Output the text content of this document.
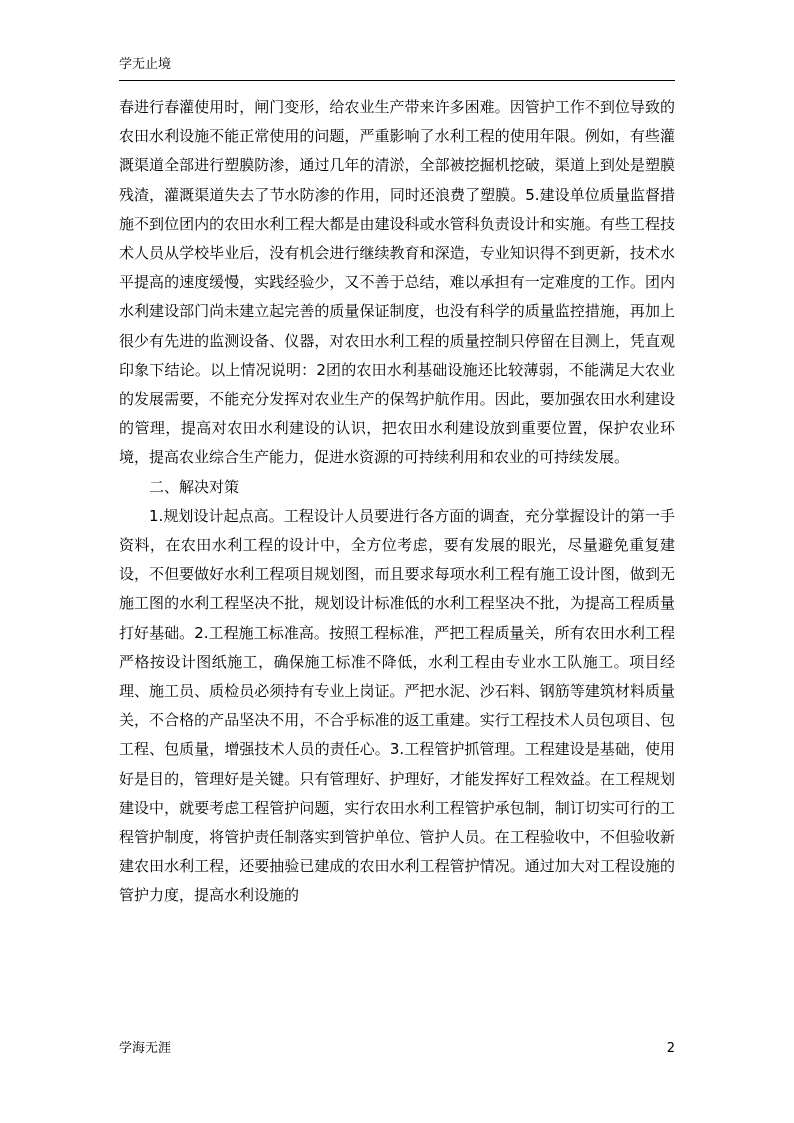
学无止境

春进行春灌使用时，闸门变形，给农业生产带来许多困难。因管护工作不到位导致的农田水利设施不能正常使用的问题，严重影响了水利工程的使用年限。例如，有些灌溉渠道全部进行塑膜防渗，通过几年的清淤，全部被挖掘机挖破，渠道上到处是塑膜残渣，灌溉渠道失去了节水防渗的作用，同时还浪费了塑膜。5.建设单位质量监督措施不到位团内的农田水利工程大都是由建设科或水管科负责设计和实施。有些工程技术人员从学校毕业后，没有机会进行继续教育和深造，专业知识得不到更新，技术水平提高的速度缓慢，实践经验少，又不善于总结，难以承担有一定难度的工作。团内水利建设部门尚未建立起完善的质量保证制度，也没有科学的质量监控措施，再加上很少有先进的监测设备、仪器，对农田水利工程的质量控制只停留在目测上，凭直观印象下结论。以上情况说明：2团的农田水利基础设施还比较薄弱，不能满足大农业的发展需要，不能充分发挥对农业生产的保驾护航作用。因此，要加强农田水利建设的管理，提高对农田水利建设的认识，把农田水利建设放到重要位置，保护农业环境，提高农业综合生产能力，促进水资源的可持续利用和农业的可持续发展。

二、解决对策

1.规划设计起点高。工程设计人员要进行各方面的调查，充分掌握设计的第一手资料，在农田水利工程的设计中，全方位考虑，要有发展的眼光，尽量避免重复建设，不但要做好水利工程项目规划图，而且要求每项水利工程有施工设计图，做到无施工图的水利工程坚决不批，规划设计标准低的水利工程坚决不批，为提高工程质量打好基础。2.工程施工标准高。按照工程标准，严把工程质量关，所有农田水利工程严格按设计图纸施工，确保施工标准不降低，水利工程由专业水工队施工。项目经理、施工员、质检员必须持有专业上岗证。严把水泥、沙石料、钢筋等建筑材料质量关，不合格的产品坚决不用，不合乎标准的返工重建。实行工程技术人员包项目、包工程、包质量，增强技术人员的责任心。3.工程管护抓管理。工程建设是基础，使用好是目的，管理好是关键。只有管理好、护理好，才能发挥好工程效益。在工程规划建设中，就要考虑工程管护问题，实行农田水利工程管护承包制，制订切实可行的工程管护制度，将管护责任制落实到管护单位、管护人员。在工程验收中，不但验收新建农田水利工程，还要抽验已建成的农田水利工程管护情况。通过加大对工程设施的管护力度，提高水利设施的

学海无涯	2
